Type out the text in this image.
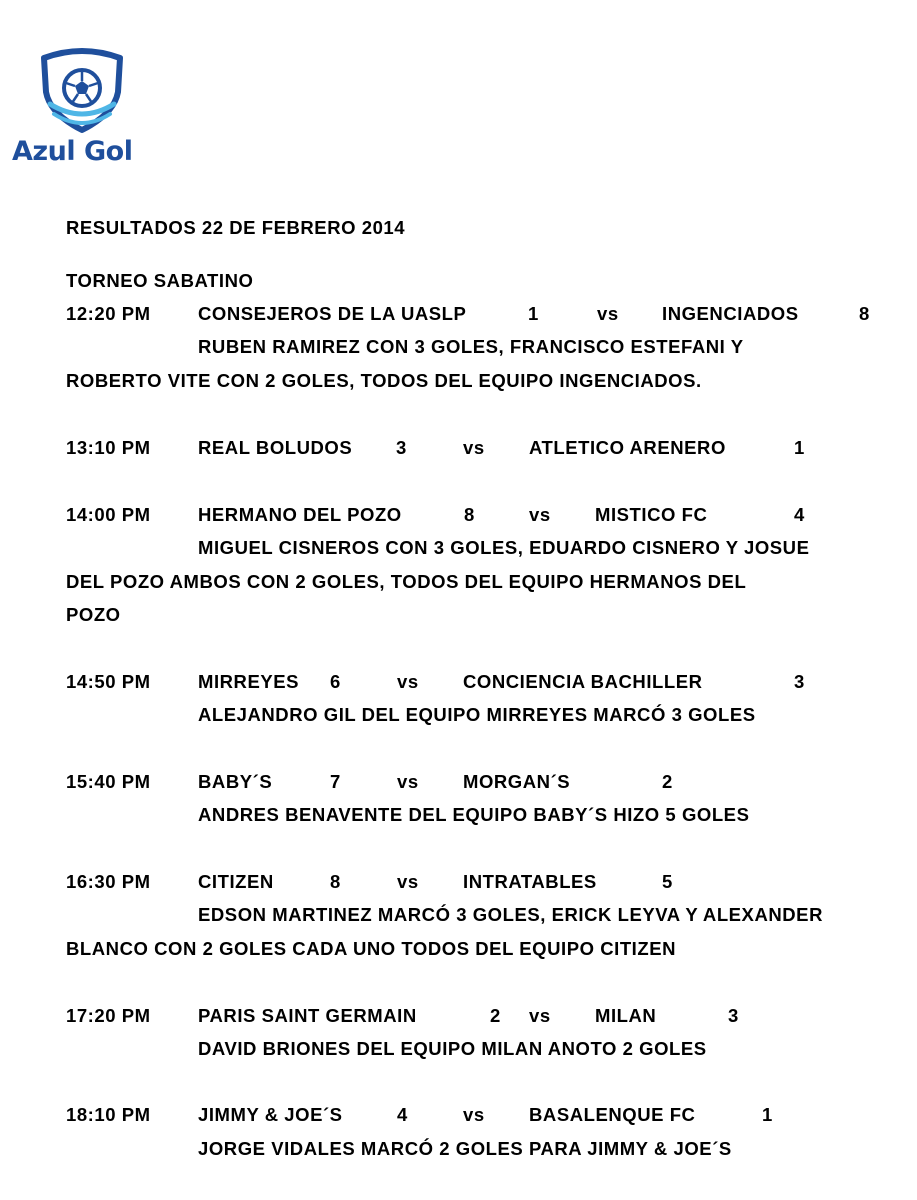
Azul Gol
RESULTADOS 22 DE FEBRERO 2014
TORNEO SABATINO
12:20 PM	CONSEJEROS DE LA UASLP	1	vs INGENCIADOS	8
RUBEN RAMIREZ CON 3 GOLES, FRANCISCO ESTEFANI Y
ROBERTO VITE CON 2 GOLES, TODOS DEL EQUIPO INGENCIADOS.
13:10 PM	REAL BOLUDOS 3	vs ATLETICO ARENERO	1
14:00 PM	HERMANO DEL POZO	8	vs MISTICO FC	4
MIGUEL CISNEROS CON 3 GOLES, EDUARDO CISNERO Y JOSUE
DEL POZO AMBOS CON 2 GOLES, TODOS DEL EQUIPO HERMANOS DEL
POZO
14:50 PM	MIRREYES 6	vs CONCIENCIA BACHILLER	3
ALEJANDRO GIL DEL EQUIPO MIRREYES MARCÓ 3 GOLES
15:40 PM	BABY´S	7	vs MORGAN´S	2
ANDRES BENAVENTE DEL EQUIPO BABY´S HIZO 5 GOLES
16:30 PM	CITIZEN	8	vs INTRATABLES	5
EDSON MARTINEZ MARCÓ 3 GOLES, ERICK LEYVA Y ALEXANDER
BLANCO CON 2 GOLES CADA UNO TODOS DEL EQUIPO CITIZEN
17:20 PM	PARIS SAINT GERMAIN	2 vs MILAN	3
DAVID BRIONES DEL EQUIPO MILAN ANOTO 2 GOLES
18:10 PM	JIMMY & JOE´S	4	vs BASALENQUE FC	1
JORGE VIDALES MARCÓ 2 GOLES PARA JIMMY & JOE´S
